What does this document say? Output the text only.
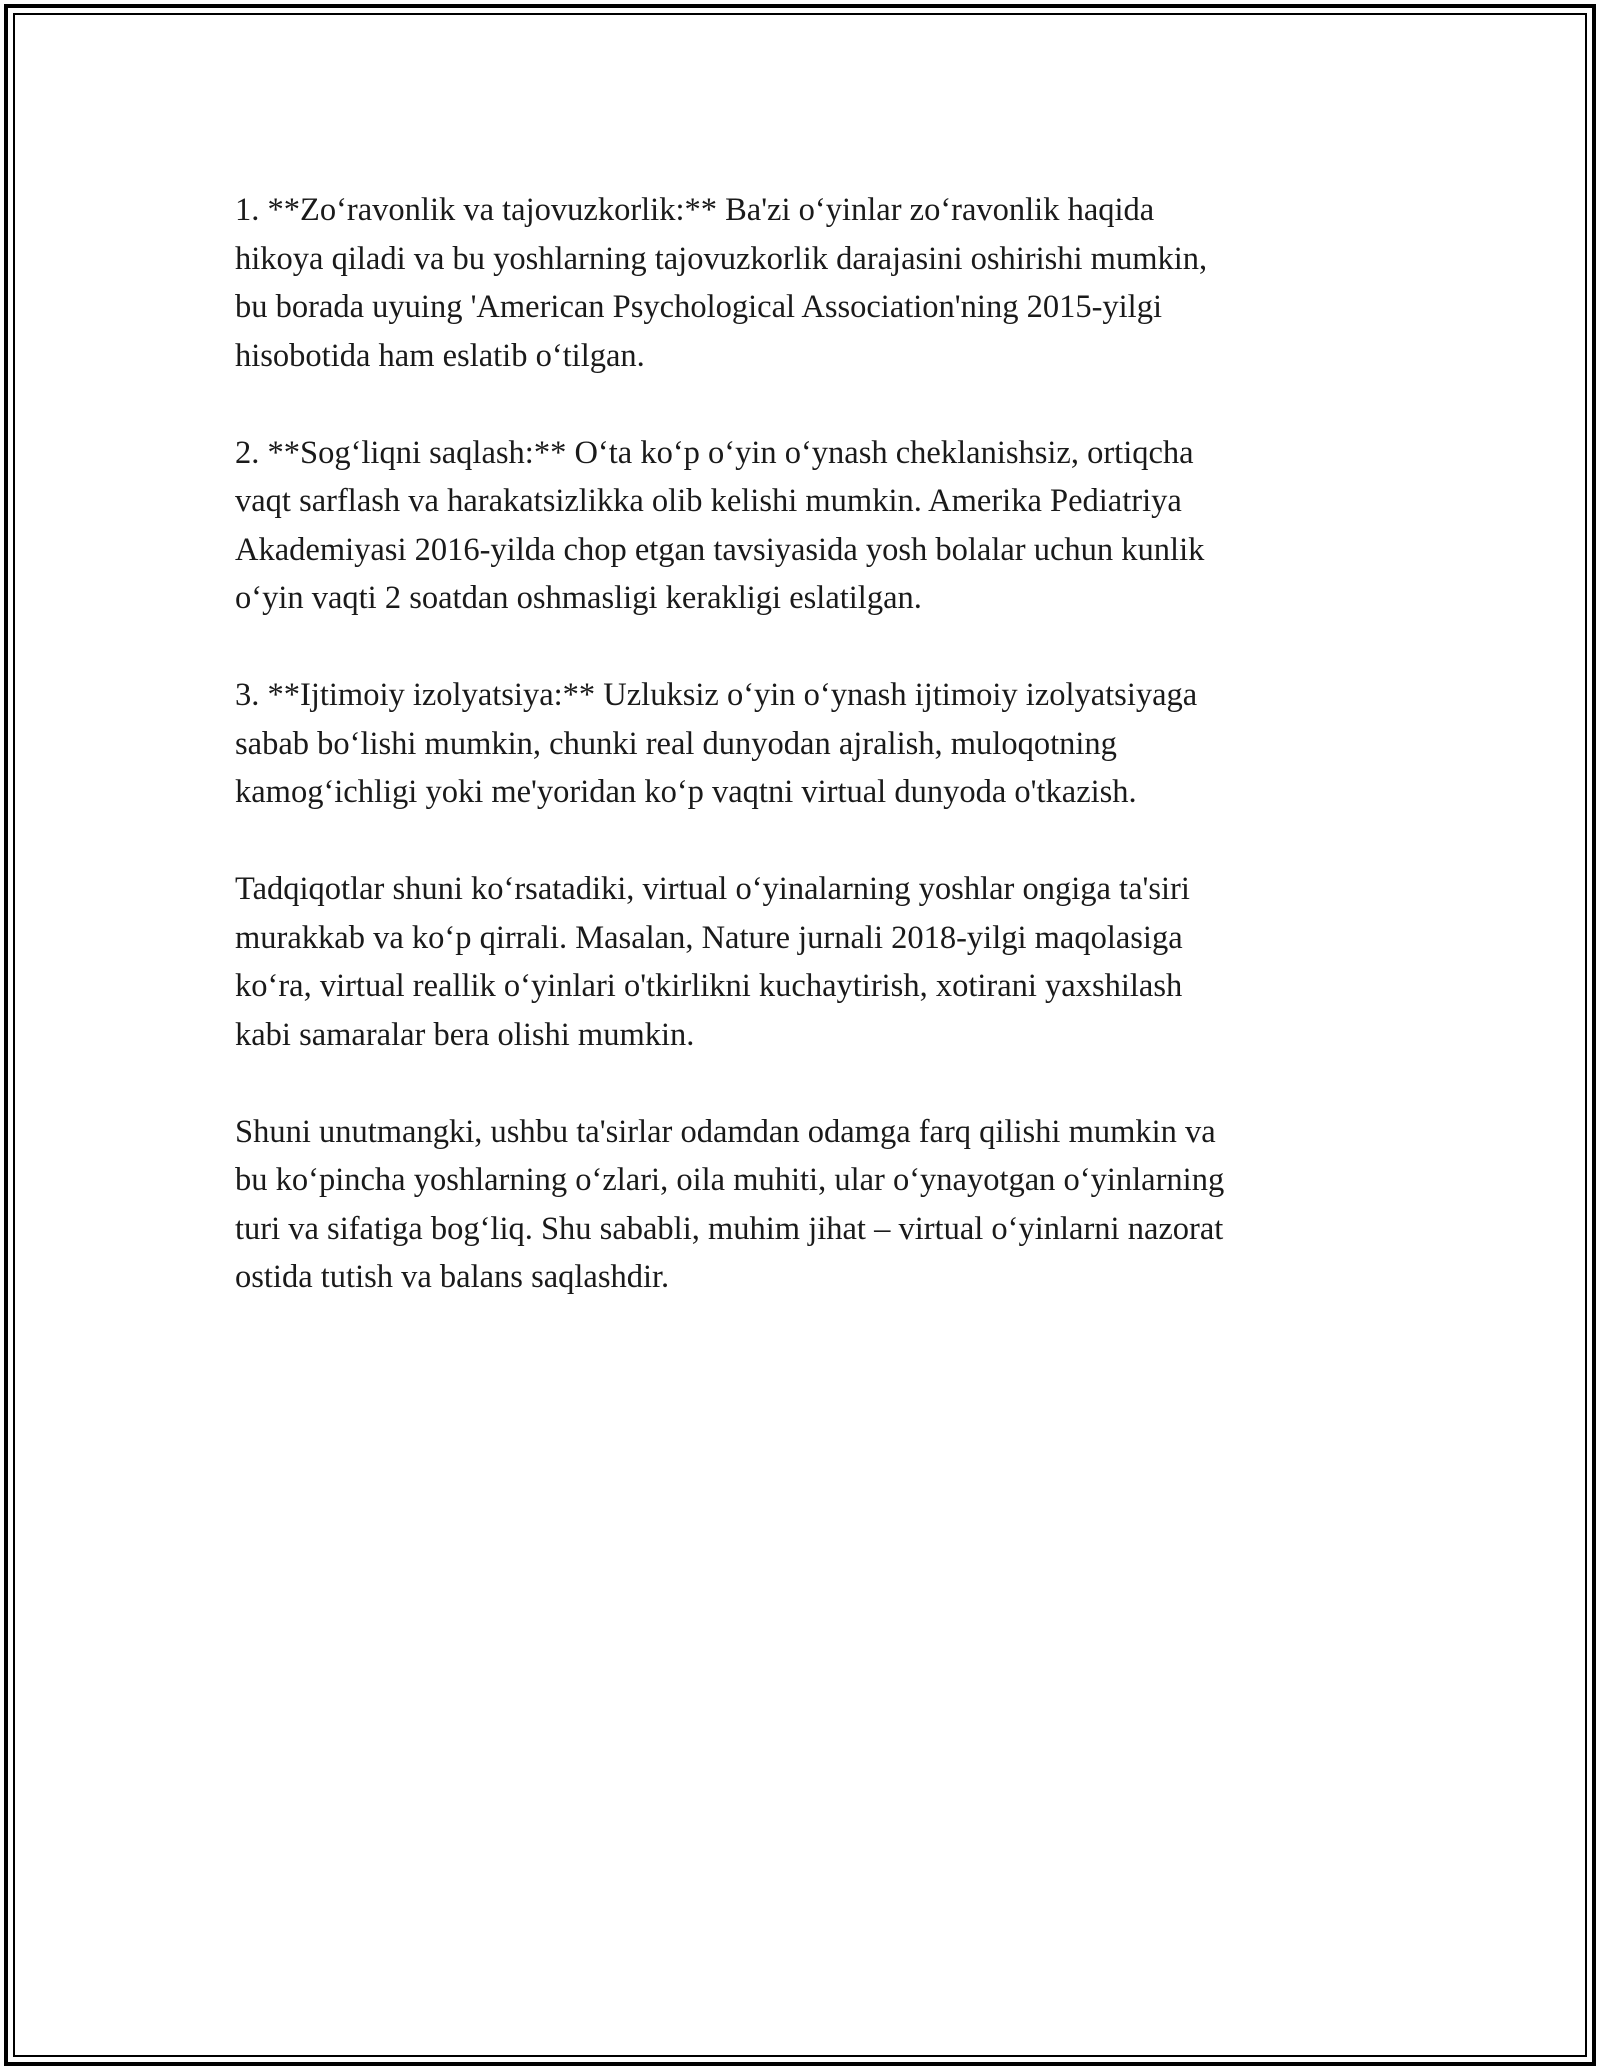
1. **Zo‘ravonlik va tajovuzkorlik:** Ba'zi o‘yinlar zo‘ravonlik haqida
hikoya qiladi va bu yoshlarning tajovuzkorlik darajasini oshirishi mumkin,
bu borada uyuing 'American Psychological Association'ning 2015-yilgi
hisobotida ham eslatib o‘tilgan.

2. **Sog‘liqni saqlash:** O‘ta ko‘p o‘yin o‘ynash cheklanishsiz, ortiqcha
vaqt sarflash va harakatsizlikka olib kelishi mumkin. Amerika Pediatriya
Akademiyasi 2016-yilda chop etgan tavsiyasida yosh bolalar uchun kunlik
o‘yin vaqti 2 soatdan oshmasligi kerakligi eslatilgan.

3. **Ijtimoiy izolyatsiya:** Uzluksiz o‘yin o‘ynash ijtimoiy izolyatsiyaga
sabab bo‘lishi mumkin, chunki real dunyodan ajralish, muloqotning
kamog‘ichligi yoki me'yoridan ko‘p vaqtni virtual dunyoda o'tkazish.

Tadqiqotlar shuni ko‘rsatadiki, virtual o‘yinalarning yoshlar ongiga ta'siri
murakkab va ko‘p qirrali. Masalan, Nature jurnali 2018-yilgi maqolasiga
ko‘ra, virtual reallik o‘yinlari o'tkirlikni kuchaytirish, xotirani yaxshilash
kabi samaralar bera olishi mumkin.

Shuni unutmangki, ushbu ta'sirlar odamdan odamga farq qilishi mumkin va
bu ko‘pincha yoshlarning o‘zlari, oila muhiti, ular o‘ynayotgan o‘yinlarning
turi va sifatiga bog‘liq. Shu sababli, muhim jihat – virtual o‘yinlarni nazorat
ostida tutish va balans saqlashdir.
